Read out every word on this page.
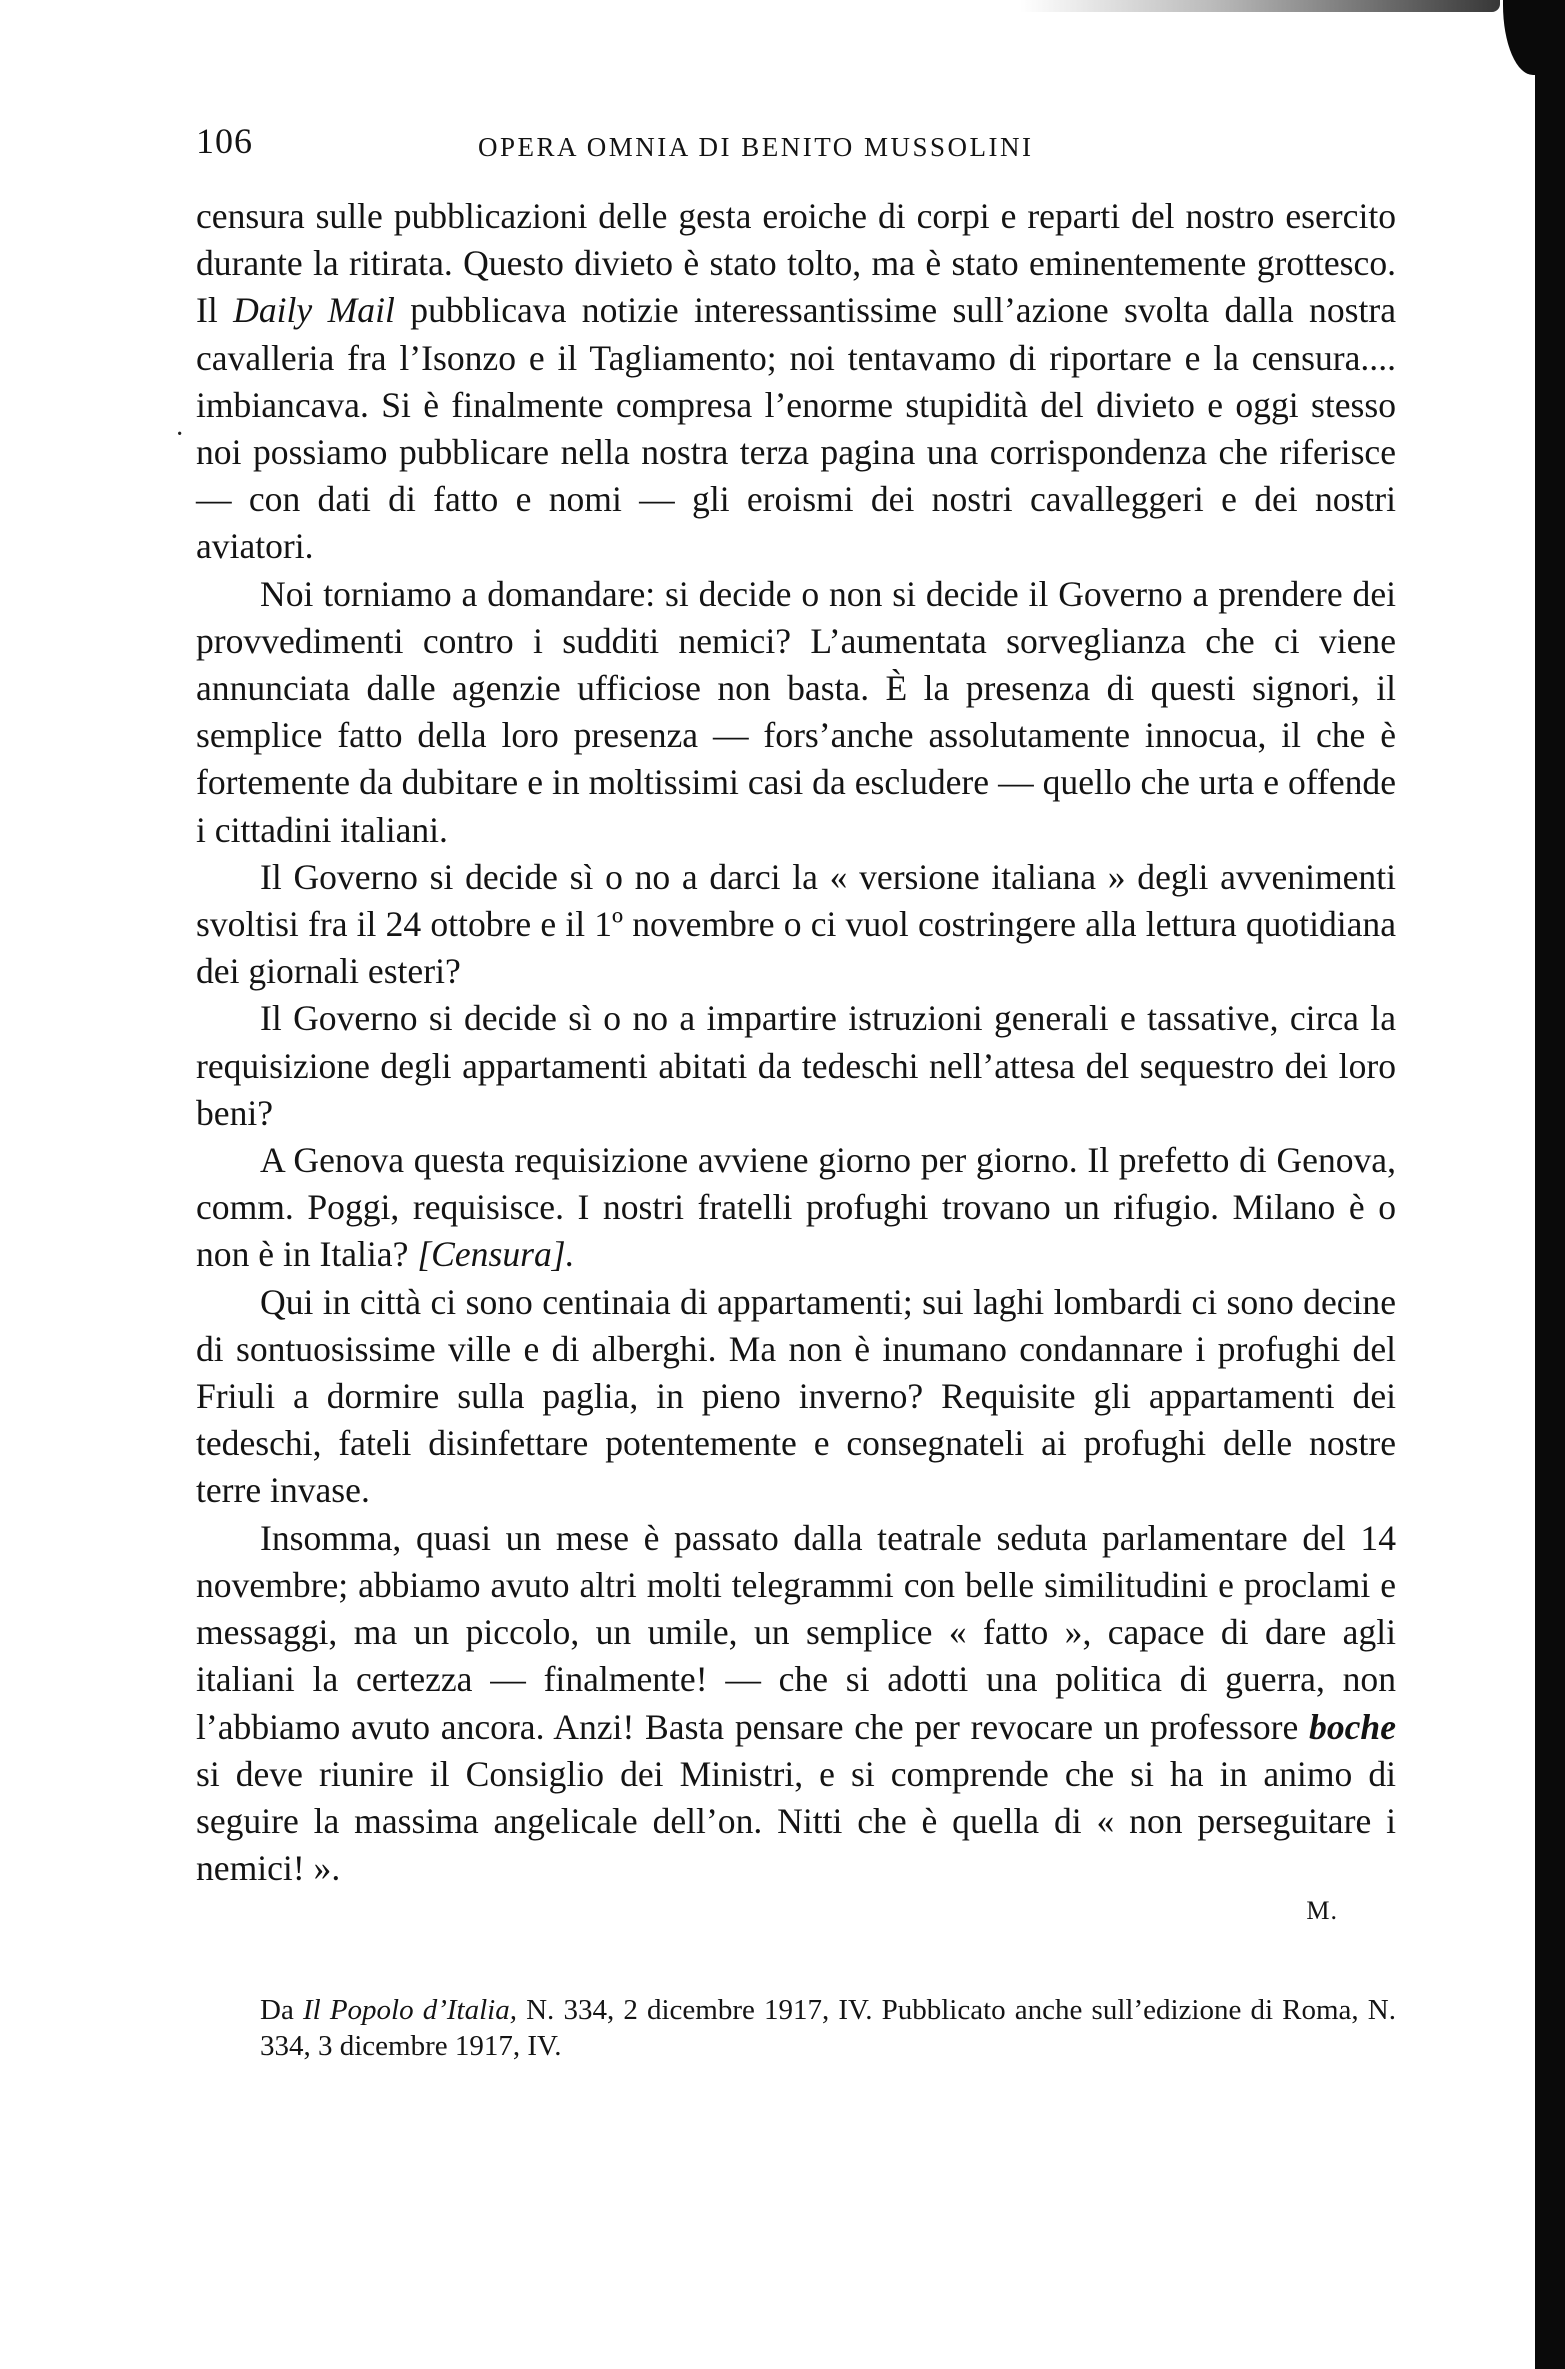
106	OPERA OMNIA DI BENITO MUSSOLINI
·

censura sulle pubblicazioni delle gesta eroiche di corpi e reparti del nostro esercito durante la ritirata. Questo divieto è stato tolto, ma è stato eminentemente grottesco. Il Daily Mail pubblicava notizie interessantissime sull’azione svolta dalla nostra cavalleria fra l’Isonzo e il Tagliamento; noi tentavamo di riportare e la censura.... imbiancava. Si è finalmente compresa l’enorme stupidità del divieto e oggi stesso noi possiamo pubblicare nella nostra terza pagina una corrispondenza che riferisce — con dati di fatto e nomi — gli eroismi dei nostri cavalleggeri e dei nostri aviatori.

Noi torniamo a domandare: si decide o non si decide il Governo a prendere dei provvedimenti contro i sudditi nemici? L’aumentata sorveglianza che ci viene annunciata dalle agenzie ufficiose non basta. È la presenza di questi signori, il semplice fatto della loro presenza — fors’anche assolutamente innocua, il che è fortemente da dubitare e in moltissimi casi da escludere — quello che urta e offende i cittadini italiani.

Il Governo si decide sì o no a darci la « versione italiana » degli avvenimenti svoltisi fra il 24 ottobre e il 1º novembre o ci vuol costringere alla lettura quotidiana dei giornali esteri?

Il Governo si decide sì o no a impartire istruzioni generali e tassative, circa la requisizione degli appartamenti abitati da tedeschi nell’attesa del sequestro dei loro beni?

A Genova questa requisizione avviene giorno per giorno. Il prefetto di Genova, comm. Poggi, requisisce. I nostri fratelli profughi trovano un rifugio. Milano è o non è in Italia? [Censura].

Qui in città ci sono centinaia di appartamenti; sui laghi lombardi ci sono decine di sontuosissime ville e di alberghi. Ma non è inumano condannare i profughi del Friuli a dormire sulla paglia, in pieno inverno? Requisite gli appartamenti dei tedeschi, fateli disinfettare potentemente e consegnateli ai profughi delle nostre terre invase.

Insomma, quasi un mese è passato dalla teatrale seduta parlamentare del 14 novembre; abbiamo avuto altri molti telegrammi con belle similitudini e proclami e messaggi, ma un piccolo, un umile, un semplice « fatto », capace di dare agli italiani la certezza — finalmente! — che si adotti una politica di guerra, non l’abbiamo avuto ancora. Anzi! Basta pensare che per revocare un professore boche si deve riunire il Consiglio dei Ministri, e si comprende che si ha in animo di seguire la massima angelicale dell’on. Nitti che è quella di « non perseguitare i nemici! ».

M.
Da Il Popolo d’Italia, N. 334, 2 dicembre 1917, IV. Pubblicato anche sull’edizione di Roma, N. 334, 3 dicembre 1917, IV.
